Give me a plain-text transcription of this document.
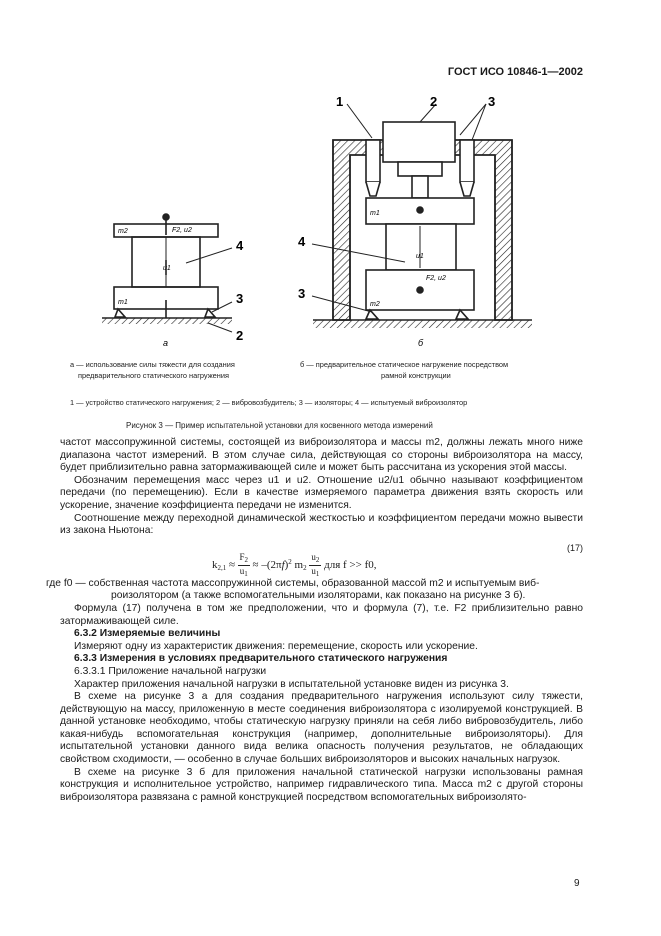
ГОСТ ИСО 10846-1—2002
m2	F2, u2
u1
m1
4
3
2
а
1	2	3
4
3
m1
u1
F2, u2
m2
б
а — использование силы тяжести для создания
предварительного статического нагружения
б — предварительное статическое нагружение посредством
рамной конструкции
1 — устройство статического нагружения; 2 — вибровозбудитель; 3 — изоляторы; 4 — испытуемый виброизолятор
Рисунок 3 — Пример испытательной установки для косвенного метода измерений

частот массопружинной системы, состоящей из виброизолятора и массы m2, должны лежать много ниже диапазона частот измерений. В этом случае сила, действующая со стороны виброизолятора на массу, будет приблизительно равна затормаживающей силе и может быть рассчитана из ускорения этой массы.

Обозначим перемещения масс через u1 и u2. Отношение u2/u1 обычно называют коэффициентом передачи (по перемещению). Если в качестве измеряемого параметра движения взять скорость или ускорение, значение коэффициента передачи не изменится.

Соотношение между переходной динамической жесткостью и коэффициентом передачи можно вывести из закона Ньютона:

$k_{2,1} \approx F_2$
$u_1 \approx -(2\pi f)^2$ $m_2$ $u_2$
$u_1$ для f >> f0,
(17)

где f0 — собственная частота массопружинной системы, образованной массой m2 и испытуемым виб-

роизолятором (а также вспомогательными изоляторами, как показано на рисунке 3 б).

Формула (17) получена в том же предположении, что и формула (7), т.е. F2 приблизительно равно затормаживающей силе.

6.3.2 Измеряемые величины

Измеряют одну из характеристик движения: перемещение, скорость или ускорение.

6.3.3 Измерения в условиях предварительного статического нагружения

6.3.3.1 Приложение начальной нагрузки

Характер приложения начальной нагрузки в испытательной установке виден из рисунка 3.

В схеме на рисунке 3 а для создания предварительного нагружения используют силу тяжести, действующую на массу, приложенную в месте соединения виброизолятора с изолируемой конструкцией. В данной установке необходимо, чтобы статическую нагрузку приняли на себя либо вибровозбудитель, либо какая-нибудь вспомогательная конструкция (например, дополнительные виброизоляторы). Для испытательной установки данного вида велика опасность получения результатов, не обладающих свойством сходимости, — особенно в случае больших виброизоляторов и высоких начальных нагрузок.

В схеме на рисунке 3 б для приложения начальной статической нагрузки использованы рамная конструкция и исполнительное устройство, например гидравлического типа. Масса m2 с другой стороны виброизолятора развязана с рамной конструкцией посредством вспомогательных виброизолято-

9
